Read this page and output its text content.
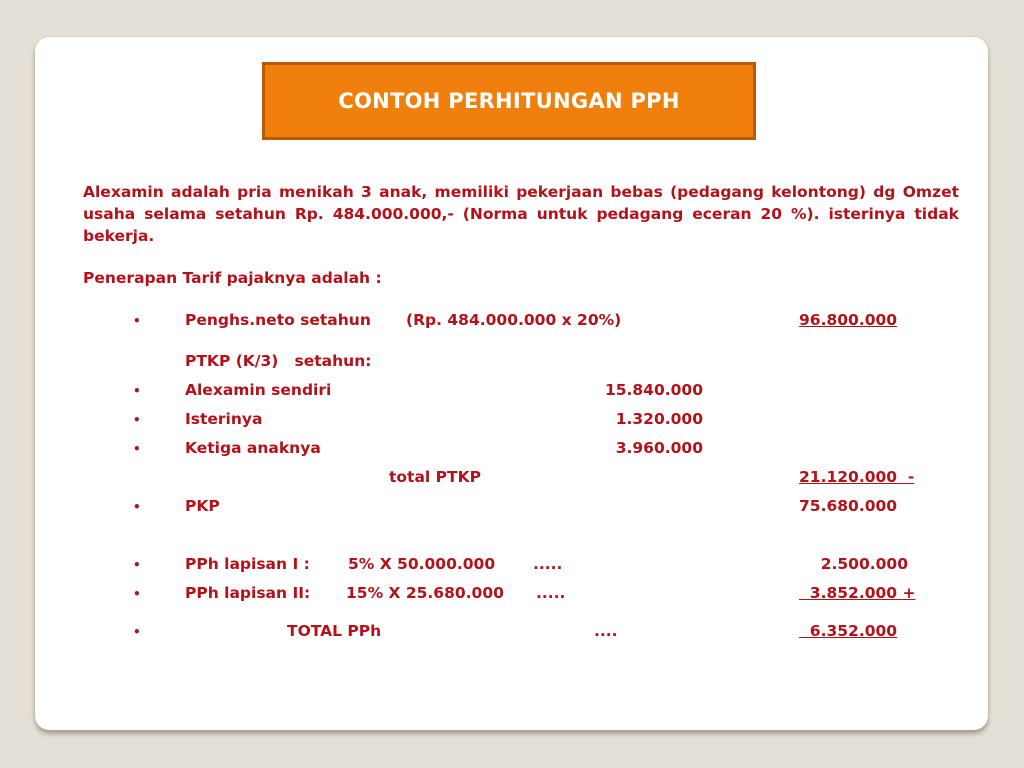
CONTOH PERHITUNGAN PPH
Alexamin adalah pria menikah 3 anak, memiliki pekerjaan bebas (pedagang kelontong) dg Omzet usaha selama setahun Rp. 484.000.000,- (Norma untuk pedagang eceran 20 %). isterinya tidak bekerja.
Penerapan Tarif pajaknya adalah :
•	Penghs.neto setahun (Rp. 484.000.000 x 20%)	96.800.000
PTKP (K/3)   setahun:
•	Alexamin sendiri	15.840.000
•	Isterinya	1.320.000
•	Ketiga anaknya	3.960.000
total PTKP	21.120.000  -
•	PKP	75.680.000
•	PPh lapisan I : 5% X 50.000.000 .....	2.500.000
•	PPh lapisan II: 15% X 25.680.000 .....	3.852.000 +
•	TOTAL PPh	....	6.352.000
